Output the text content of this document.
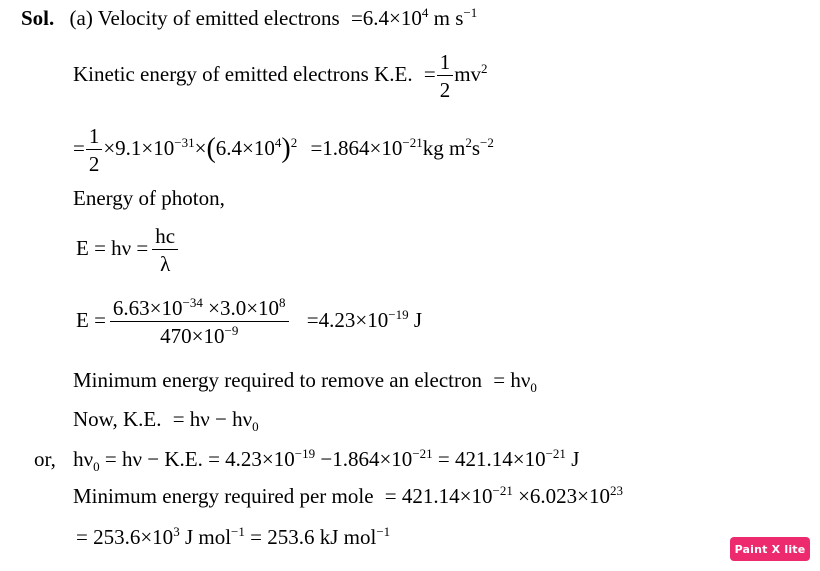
Sol. (a) Velocity of emitted electrons $=6.4\times 10^4$ m $s^{-1}$
Kinetic energy of emitted electrons K.E. = $\frac{1}{2} mv^2$
= $\frac{1}{2} \times 9.1\times 10^{-31}\times(6.4\times 10^4)^2 =1.864\times 10^{-21}kg$ $m^2s^{-2}$
Energy of photon,
$E = h\nu = \frac{hc}{\lambda}$
$E = \frac{6.63\times 10^{-34} \times 3.0\times 10^8}{470\times 10^{-9}} =4.23\times 10^{-19}$ J
Minimum energy required to remove an electron = $h\nu_0$
Now, K.E. = $h\nu - h\nu_0$
or, $h\nu_0 = h\nu - K.E$. = $4.23\times 10^{-19} -1.864\times 10^{-21} = 421.14\times 10^{-21}$ J
Minimum energy required per mole = $421.14\times 10^{-21} \times 6.023\times 10^{23}$
= $253.6\times 10^3$ J mol$^{-1}$ = 253.6 kJ mol$^{-1}$
Paint X lite
